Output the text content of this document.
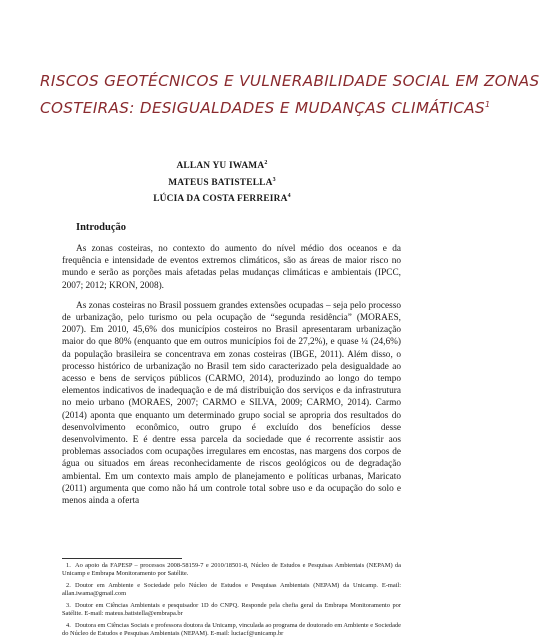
RISCOS GEOTÉCNICOS E VULNERABILIDADE SOCIAL EM ZONAS
COSTEIRAS: DESIGUALDADES E MUDANÇAS CLIMÁTICAS$^1$
ALLAN YU IWAMA$^2$
MATEUS BATISTELLA$^3$
LÚCIA DA COSTA FERREIRA$^4$
Introdução

As zonas costeiras, no contexto do aumento do nível médio dos oceanos e da frequência e intensidade de eventos extremos climáticos, são as áreas de maior risco no mundo e serão as porções mais afetadas pelas mudanças climáticas e ambientais (IPCC, 2007; 2012; KRON, 2008).

As zonas costeiras no Brasil possuem grandes extensões ocupadas – seja pelo processo de urbanização, pelo turismo ou pela ocupação de “segunda residência” (MORAES, 2007). Em 2010, 45,6% dos municípios costeiros no Brasil apresentaram urbanização maior do que 80% (enquanto que em outros municípios foi de 27,2%), e quase ¼ (24,6%) da população brasileira se concentrava em zonas costeiras (IBGE, 2011). Além disso, o processo histórico de urbanização no Brasil tem sido caracterizado pela desigualdade ao acesso e bens de serviços públicos (CARMO, 2014), produzindo ao longo do tempo elementos indicativos de inadequação e de má distribuição dos serviços e da infrastrutura no meio urbano (MORAES, 2007; CARMO e SILVA, 2009; CARMO, 2014). Carmo (2014) aponta que enquanto um determinado grupo social se apropria dos resultados do desenvolvimento econômico, outro grupo é excluído dos benefícios desse desenvolvimento. E é dentre essa parcela da sociedade que é recorrente assistir aos problemas associados com ocupações irregulares em encostas, nas margens dos corpos de água ou situados em áreas reconhecidamente de riscos geológicos ou de degradação ambiental. Em um contexto mais amplo de planejamento e políticas urbanas, Maricato (2011) argumenta que como não há um controle total sobre uso e da ocupação do solo e menos ainda a oferta

1. Ao apoio da FAPESP – processos 2008-58159-7 e 2010/18501-8, Núcleo de Estudos e Pesquisas Ambientais (NEPAM) da Unicamp e Embrapa Monitoramento por Satélite.

2. Doutor em Ambiente e Sociedade pelo Núcleo de Estudos e Pesquisas Ambientais (NEPAM) da Unicamp. E-mail: allan.iwama@gmail.com

3. Doutor em Ciências Ambientais e pesquisador 1D do CNPQ. Responde pela chefia geral da Embrapa Monitoramento por Satélite. E-mail: mateus.batistella@embrapa.br

4. Doutora em Ciências Sociais e professora doutora da Unicamp, vinculada ao programa de doutorado em Ambiente e Sociedade do Núcleo de Estudos e Pesquisas Ambientais (NEPAM). E-mail: luciacf@unicamp.br
